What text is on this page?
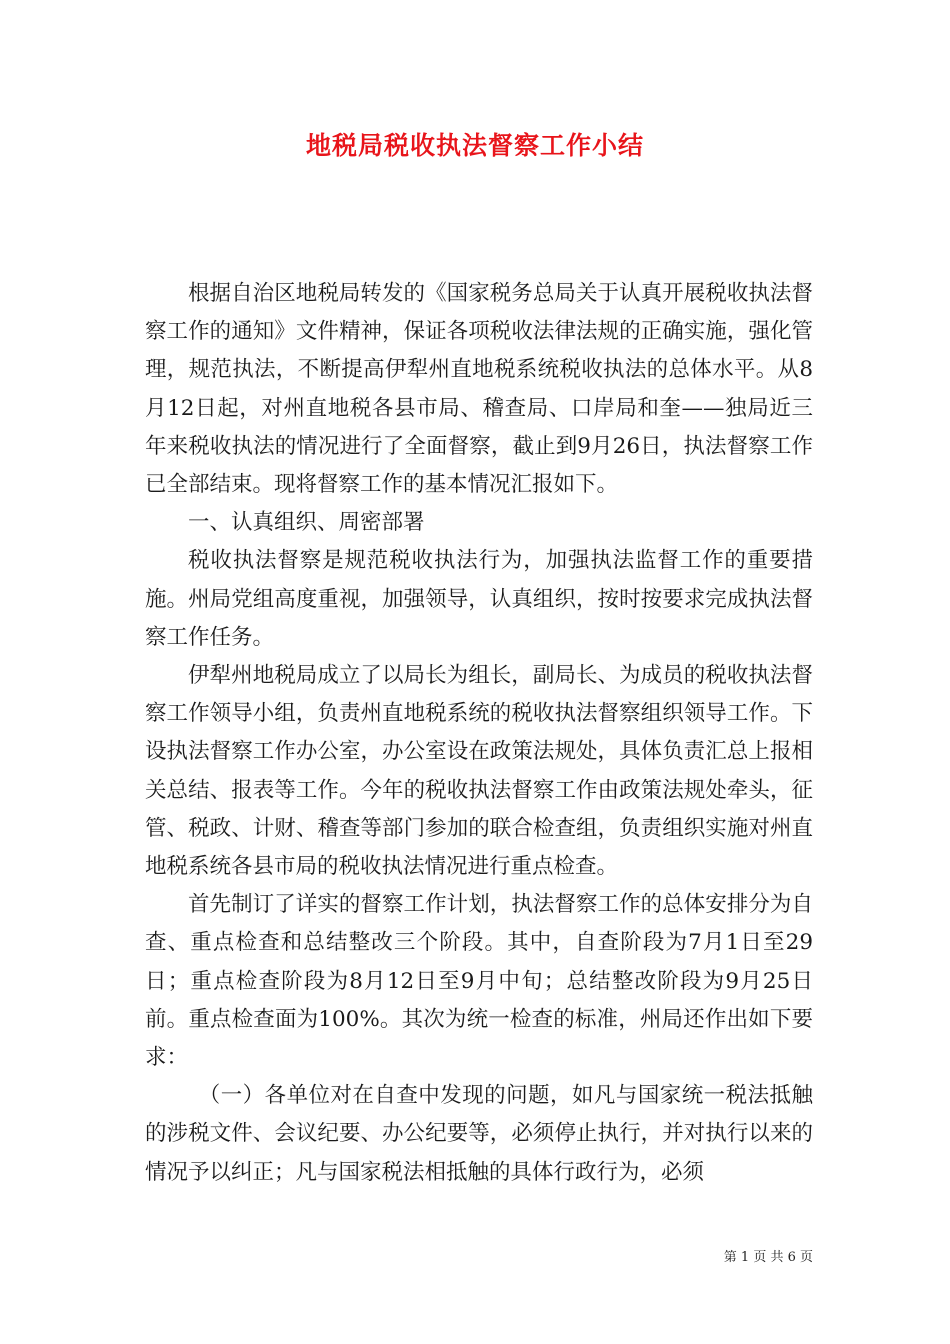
地税局税收执法督察工作小结

根据自治区地税局转发的《国家税务总局关于认真开展税收执法督察工作的通知》文件精神，保证各项税收法律法规的正确实施，强化管理，规范执法，不断提高伊犁州直地税系统税收执法的总体水平。从8月12日起，对州直地税各县市局、稽查局、口岸局和奎——独局近三年来税收执法的情况进行了全面督察，截止到9月26日，执法督察工作已全部结束。现将督察工作的基本情况汇报如下。

一、认真组织、周密部署

税收执法督察是规范税收执法行为，加强执法监督工作的重要措施。州局党组高度重视，加强领导，认真组织，按时按要求完成执法督察工作任务。

伊犁州地税局成立了以局长为组长，副局长、为成员的税收执法督察工作领导小组，负责州直地税系统的税收执法督察组织领导工作。下设执法督察工作办公室，办公室设在政策法规处，具体负责汇总上报相关总结、报表等工作。今年的税收执法督察工作由政策法规处牵头，征管、税政、计财、稽查等部门参加的联合检查组，负责组织实施对州直地税系统各县市局的税收执法情况进行重点检查。

首先制订了详实的督察工作计划，执法督察工作的总体安排分为自查、重点检查和总结整改三个阶段。其中，自查阶段为7月1日至29日；重点检查阶段为8月12日至9月中旬；总结整改阶段为9月25日前。重点检查面为100%。其次为统一检查的标准，州局还作出如下要求：

（一）各单位对在自查中发现的问题，如凡与国家统一税法抵触的涉税文件、会议纪要、办公纪要等，必须停止执行，并对执行以来的情况予以纠正；凡与国家税法相抵触的具体行政行为，必须

第 1 页 共 6 页
